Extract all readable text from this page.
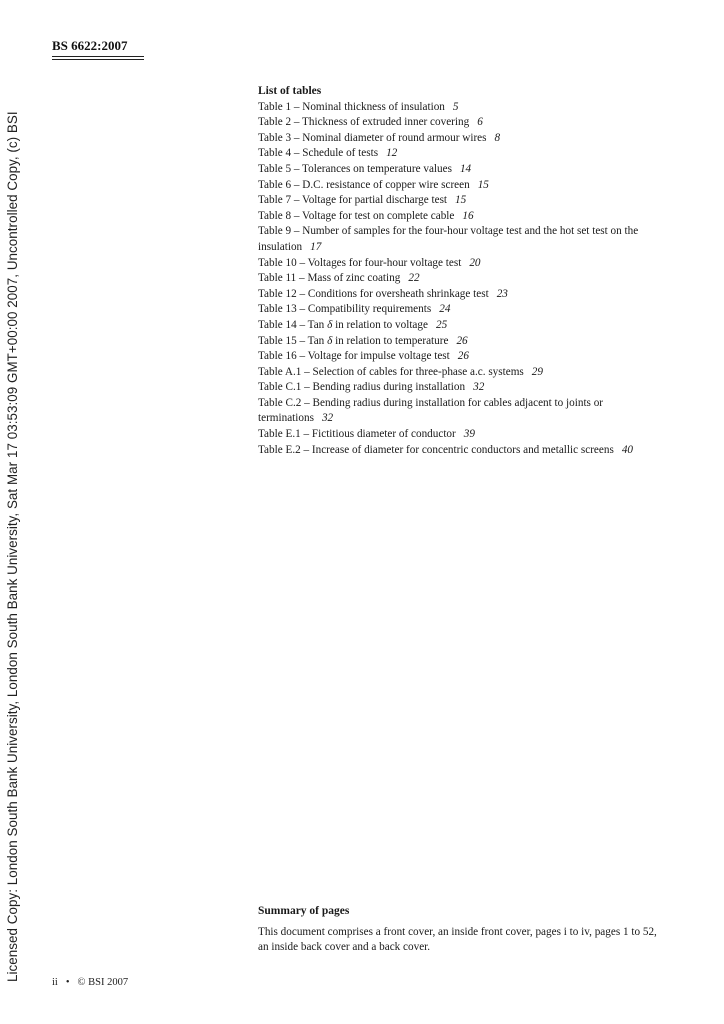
Licensed Copy: London South Bank University, London South Bank University, Sat Mar 17 03:53:09 GMT+00:00 2007, Uncontrolled Copy, (c) BSI
BS 6622:2007
List of tables
Table 1 – Nominal thickness of insulation 5
Table 2 – Thickness of extruded inner covering 6
Table 3 – Nominal diameter of round armour wires 8
Table 4 – Schedule of tests 12
Table 5 – Tolerances on temperature values 14
Table 6 – D.C. resistance of copper wire screen 15
Table 7 – Voltage for partial discharge test 15
Table 8 – Voltage for test on complete cable 16
Table 9 – Number of samples for the four-hour voltage test and the hot set test on the insulation 17
Table 10 – Voltages for four-hour voltage test 20
Table 11 – Mass of zinc coating 22
Table 12 – Conditions for oversheath shrinkage test 23
Table 13 – Compatibility requirements 24
Table 14 – Tan δ in relation to voltage 25
Table 15 – Tan δ in relation to temperature 26
Table 16 – Voltage for impulse voltage test 26
Table A.1 – Selection of cables for three-phase a.c. systems 29
Table C.1 – Bending radius during installation 32
Table C.2 – Bending radius during installation for cables adjacent to joints or terminations 32
Table E.1 – Fictitious diameter of conductor 39
Table E.2 – Increase of diameter for concentric conductors and metallic screens 40
Summary of pages
This document comprises a front cover, an inside front cover, pages i to iv, pages 1 to 52, an inside back cover and a back cover.
ii • © BSI 2007
